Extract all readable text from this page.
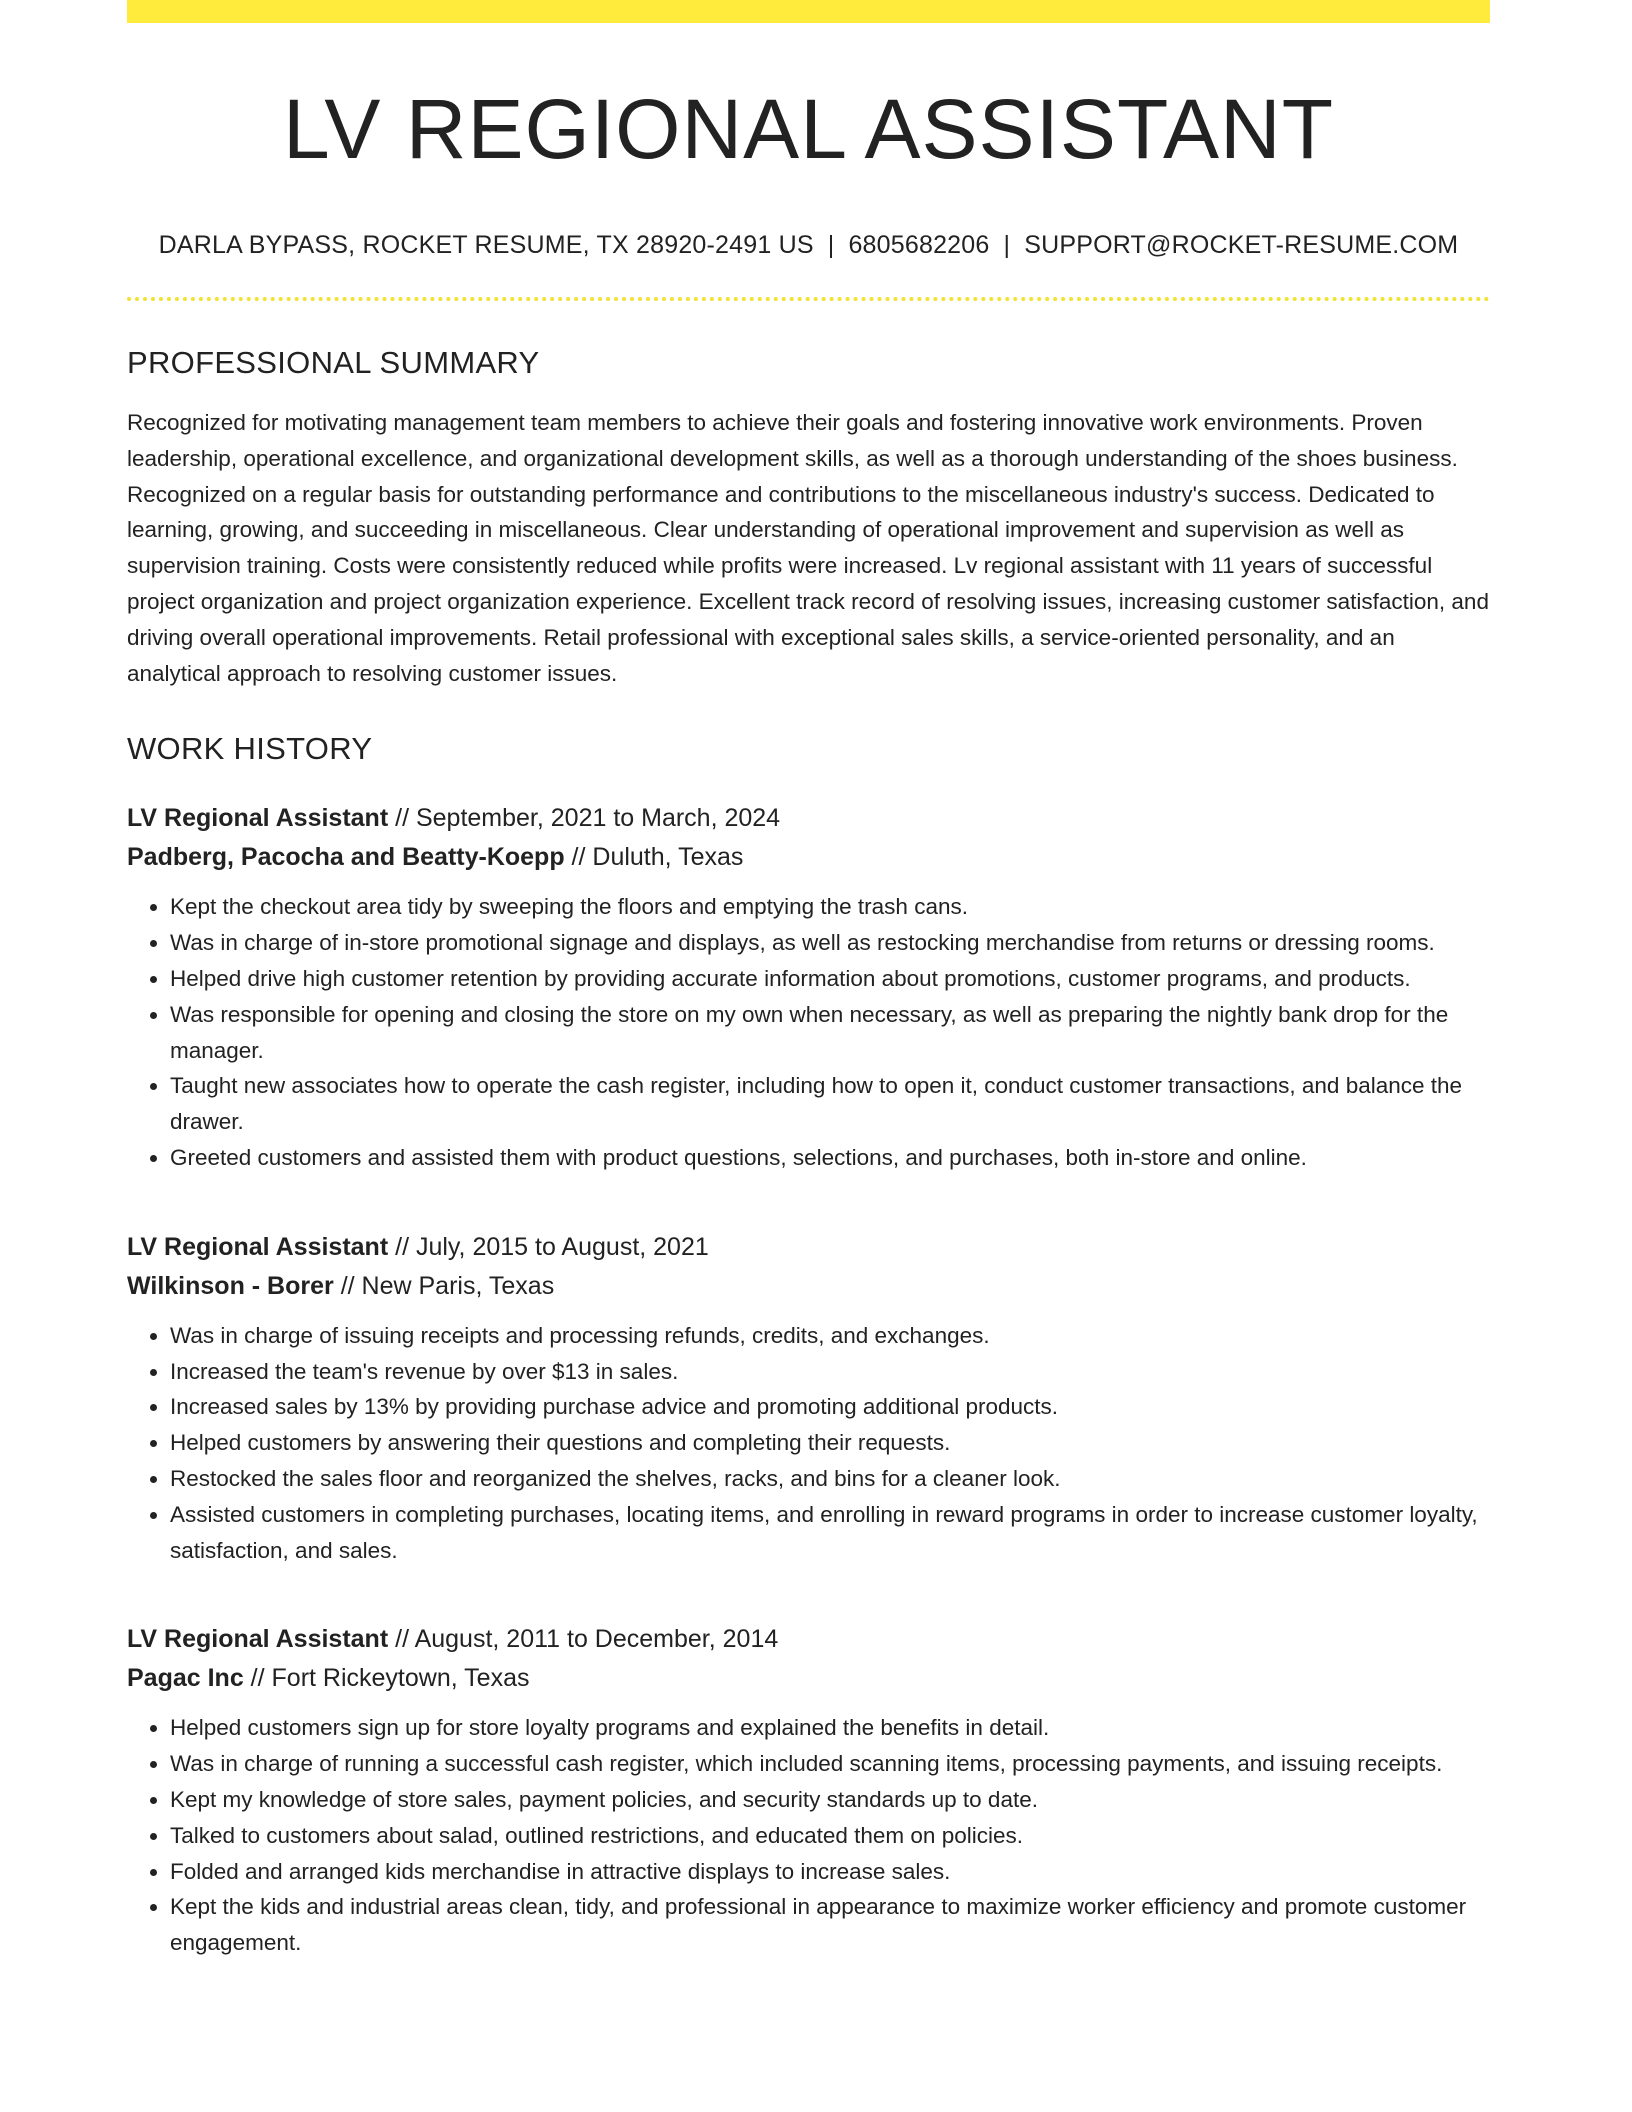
LV REGIONAL ASSISTANT
DARLA BYPASS, ROCKET RESUME, TX 28920-2491 US | 6805682206 | SUPPORT@ROCKET-RESUME.COM
PROFESSIONAL SUMMARY

Recognized for motivating management team members to achieve their goals and fostering innovative work environments. Proven leadership, operational excellence, and organizational development skills, as well as a thorough understanding of the shoes business. Recognized on a regular basis for outstanding performance and contributions to the miscellaneous industry's success. Dedicated to learning, growing, and succeeding in miscellaneous. Clear understanding of operational improvement and supervision as well as supervision training. Costs were consistently reduced while profits were increased. Lv regional assistant with 11 years of successful project organization and project organization experience. Excellent track record of resolving issues, increasing customer satisfaction, and driving overall operational improvements. Retail professional with exceptional sales skills, a service-oriented personality, and an analytical approach to resolving customer issues.

WORK HISTORY
LV Regional Assistant // September, 2021 to March, 2024
Padberg, Pacocha and Beatty-Koepp // Duluth, Texas
• Kept the checkout area tidy by sweeping the floors and emptying the trash cans.
• Was in charge of in-store promotional signage and displays, as well as restocking merchandise from returns or dressing rooms.
• Helped drive high customer retention by providing accurate information about promotions, customer programs, and products.
• Was responsible for opening and closing the store on my own when necessary, as well as preparing the nightly bank drop for the manager.
• Taught new associates how to operate the cash register, including how to open it, conduct customer transactions, and balance the drawer.
• Greeted customers and assisted them with product questions, selections, and purchases, both in-store and online.
LV Regional Assistant // July, 2015 to August, 2021
Wilkinson - Borer // New Paris, Texas
• Was in charge of issuing receipts and processing refunds, credits, and exchanges.
• Increased the team's revenue by over $13 in sales.
• Increased sales by 13% by providing purchase advice and promoting additional products.
• Helped customers by answering their questions and completing their requests.
• Restocked the sales floor and reorganized the shelves, racks, and bins for a cleaner look.
• Assisted customers in completing purchases, locating items, and enrolling in reward programs in order to increase customer loyalty, satisfaction, and sales.
LV Regional Assistant // August, 2011 to December, 2014
Pagac Inc // Fort Rickeytown, Texas
• Helped customers sign up for store loyalty programs and explained the benefits in detail.
• Was in charge of running a successful cash register, which included scanning items, processing payments, and issuing receipts.
• Kept my knowledge of store sales, payment policies, and security standards up to date.
• Talked to customers about salad, outlined restrictions, and educated them on policies.
• Folded and arranged kids merchandise in attractive displays to increase sales.
• Kept the kids and industrial areas clean, tidy, and professional in appearance to maximize worker efficiency and promote customer engagement.
